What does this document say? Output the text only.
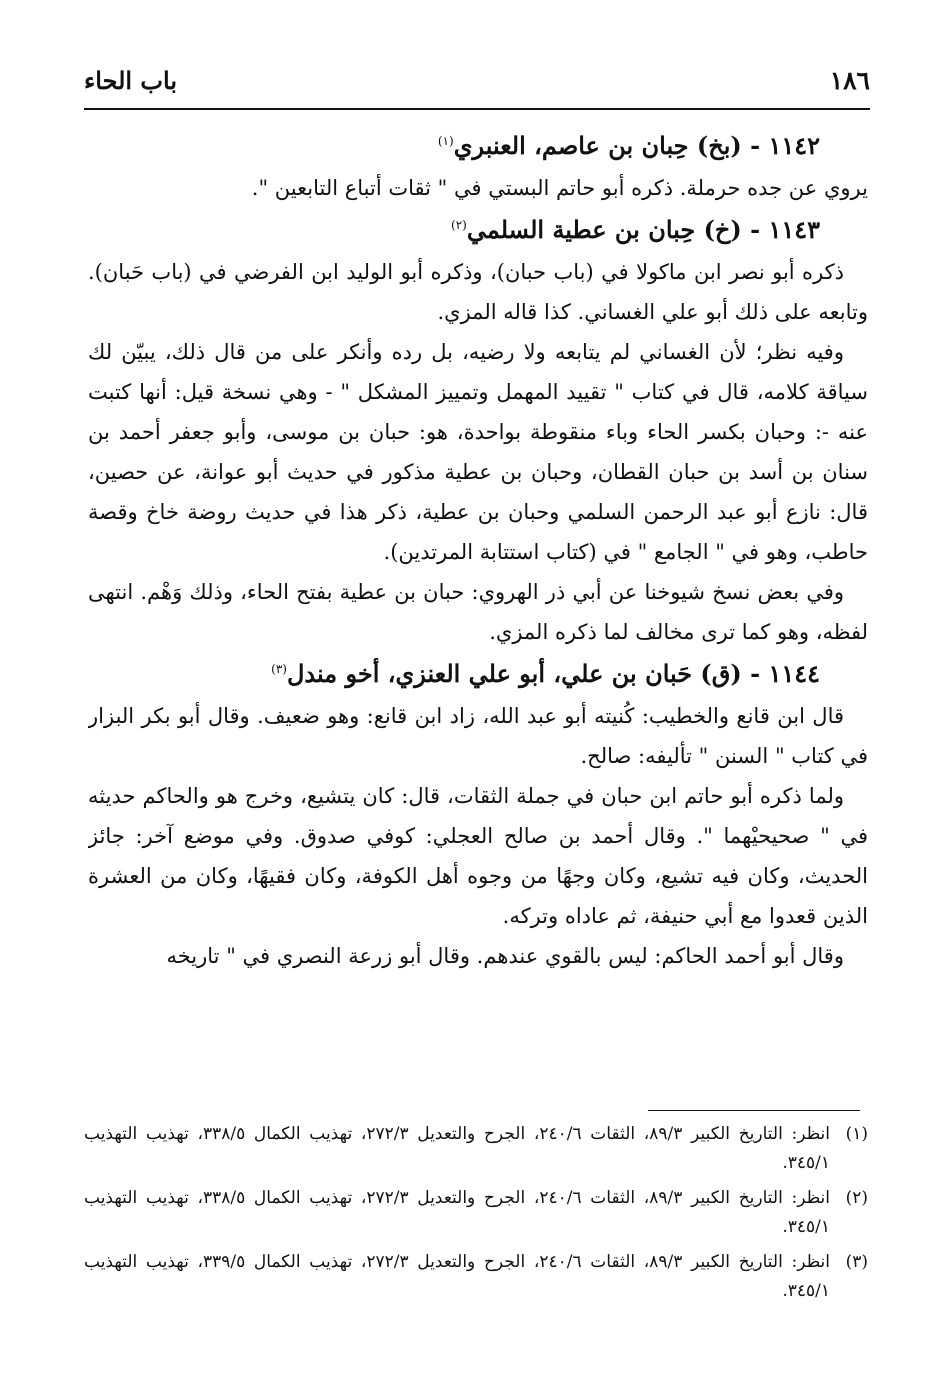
١٨٦
باب الحاء
١١٤٢ - (بخ) حِبان بن عاصم، العنبري$^{(١)}$

يروي عن جده حرملة. ذكره أبو حاتم البستي في " ثقات أتباع التابعين ".

١١٤٣ - (خ) حِبان بن عطية السلمي$^{(٢)}$

ذكره أبو نصر ابن ماكولا في (باب حبان)، وذكره أبو الوليد ابن الفرضي في (باب حَبان). وتابعه على ذلك أبو علي الغساني. كذا قاله المزي.

وفيه نظر؛ لأن الغساني لم يتابعه ولا رضيه، بل رده وأنكر على من قال ذلك، يبيّن لك سياقة كلامه، قال في كتاب " تقييد المهمل وتمييز المشكل " - وهي نسخة قيل: أنها كتبت عنه -: وحبان بكسر الحاء وباء منقوطة بواحدة، هو: حبان بن موسى، وأبو جعفر أحمد بن سنان بن أسد بن حبان القطان، وحبان بن عطية مذكور في حديث أبو عوانة، عن حصين، قال: نازع أبو عبد الرحمن السلمي وحبان بن عطية، ذكر هذا في حديث روضة خاخ وقصة حاطب، وهو في " الجامع " في (كتاب استتابة المرتدين).

وفي بعض نسخ شيوخنا عن أبي ذر الهروي: حبان بن عطية بفتح الحاء، وذلك وَهْم. انتهى لفظه، وهو كما ترى مخالف لما ذكره المزي.

١١٤٤ - (ق) حَبان بن علي، أبو علي العنزي، أخو مندل$^{(٣)}$

قال ابن قانع والخطيب: كُنيته أبو عبد الله، زاد ابن قانع: وهو ضعيف. وقال أبو بكر البزار في كتاب " السنن " تأليفه: صالح.

ولما ذكره أبو حاتم ابن حبان في جملة الثقات، قال: كان يتشيع، وخرج هو والحاكم حديثه في " صحيحيْهما ". وقال أحمد بن صالح العجلي: كوفي صدوق. وفي موضع آخر: جائز الحديث، وكان فيه تشيع، وكان وجهًا من وجوه أهل الكوفة، وكان فقيهًا، وكان من العشرة الذين قعدوا مع أبي حنيفة، ثم عاداه وتركه.

وقال أبو أحمد الحاكم: ليس بالقوي عندهم. وقال أبو زرعة النصري في " تاريخه

(١)
انظر: التاريخ الكبير ٨٩/٣، الثقات ٢٤٠/٦، الجرح والتعديل ٢٧٢/٣، تهذيب الكمال ٣٣٨/٥، تهذيب التهذيب ٣٤٥/١.
(٢)
انظر: التاريخ الكبير ٨٩/٣، الثقات ٢٤٠/٦، الجرح والتعديل ٢٧٢/٣، تهذيب الكمال ٣٣٨/٥، تهذيب التهذيب ٣٤٥/١.
(٣)
انظر: التاريخ الكبير ٨٩/٣، الثقات ٢٤٠/٦، الجرح والتعديل ٢٧٢/٣، تهذيب الكمال ٣٣٩/٥، تهذيب التهذيب ٣٤٥/١.
